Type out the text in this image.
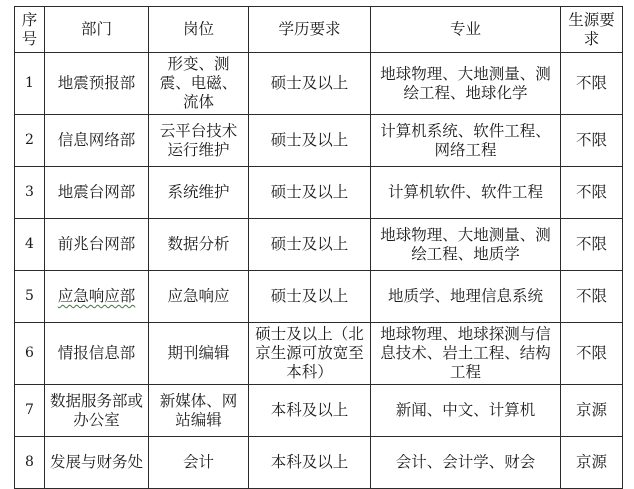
序号	部门	岗位	学历要求	专业	生源要求
1	地震预报部	形变、测震、电磁、流体	硕士及以上	地球物理、大地测量、测绘工程、地球化学	不限
2	信息网络部	云平台技术运行维护	硕士及以上	计算机系统、软件工程、网络工程	不限
3	地震台网部	系统维护	硕士及以上	计算机软件、软件工程	不限
4	前兆台网部	数据分析	硕士及以上	地球物理、大地测量、测绘工程、地质学	不限
5	应急响应部	应急响应	硕士及以上	地质学、地理信息系统	不限
6	情报信息部	期刊编辑	硕士及以上（北京生源可放宽至本科）	地球物理、地球探测与信息技术、岩土工程、结构工程	不限
7	数据服务部或办公室	新媒体、网站编辑	本科及以上	新闻、中文、计算机	京源
8	发展与财务处	会计	本科及以上	会计、会计学、财会	京源
